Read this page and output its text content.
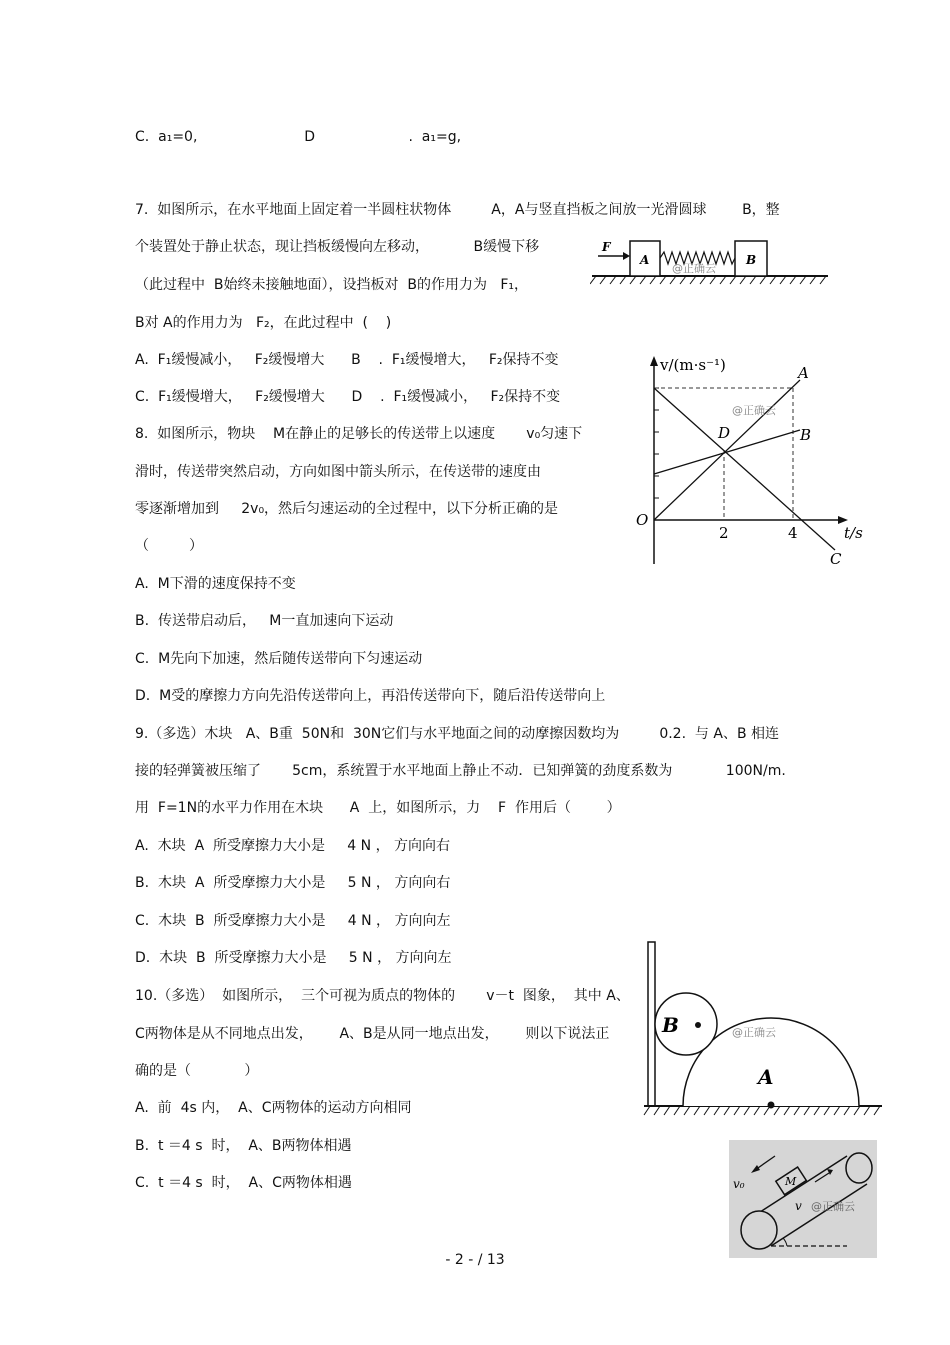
C.  a₁=0,                        D                     .  a₁=g,
7.  如图所示，在水平地面上固定着一半圆柱状物体         A，A与竖直挡板之间放一光滑圆球        B，整
个装置处于静止状态，现让挡板缓慢向左移动，          B缓慢下移
（此过程中  B始终未接触地面），设挡板对  B的作用力为   F₁，
B对 A的作用力为   F₂，在此过程中  (    )
A.  F₁缓慢减小，   F₂缓慢增大      B    .  F₁缓慢增大，   F₂保持不变
C.  F₁缓慢增大，   F₂缓慢增大      D    .  F₁缓慢减小，   F₂保持不变
8.  如图所示，物块    M在静止的足够长的传送带上以速度       v₀匀速下
滑时，传送带突然启动，方向如图中箭头所示，在传送带的速度由
零逐渐增加到     2v₀，然后匀速运动的全过程中，以下分析正确的是
（         ）
A.  M下滑的速度保持不变
B.  传送带启动后，   M一直加速向下运动
C.  M先向下加速，然后随传送带向下匀速运动
D.  M受的摩擦力方向先沿传送带向上，再沿传送带向下，随后沿传送带向上
9.（多选）木块   A、B重  50N和  30N它们与水平地面之间的动摩擦因数均为         0.2.  与 A、B 相连
接的轻弹簧被压缩了       5cm，系统置于水平地面上静止不动．已知弹簧的劲度系数为            100N/m.
用  F=1N的水平力作用在木块      A  上，如图所示，力    F  作用后（        ）
A.  木块  A  所受摩擦力大小是     4 N ， 方向向右
B.  木块  A  所受摩擦力大小是     5 N ， 方向向右
C.  木块  B  所受摩擦力大小是     4 N ， 方向向左
D.  木块  B  所受摩擦力大小是     5 N ， 方向向左
10.（多选）  如图所示，  三个可视为质点的物体的       v－t  图象，  其中 A、
C两物体是从不同地点出发，      A、B是从同一地点出发，      则以下说法正
确的是（            ）
A.  前  4s 内，  A、C两物体的运动方向相同
B.  t ＝4 s  时，  A、B两物体相遇
C.  t ＝4 s  时，  A、C两物体相遇
- 2 - / 13
F
A	B
@正确云
v/(m·s⁻¹)
t/s
O
A
B
C
D
2	4
@正确云
A
B	@正确云
M
v₀
v @正确云
